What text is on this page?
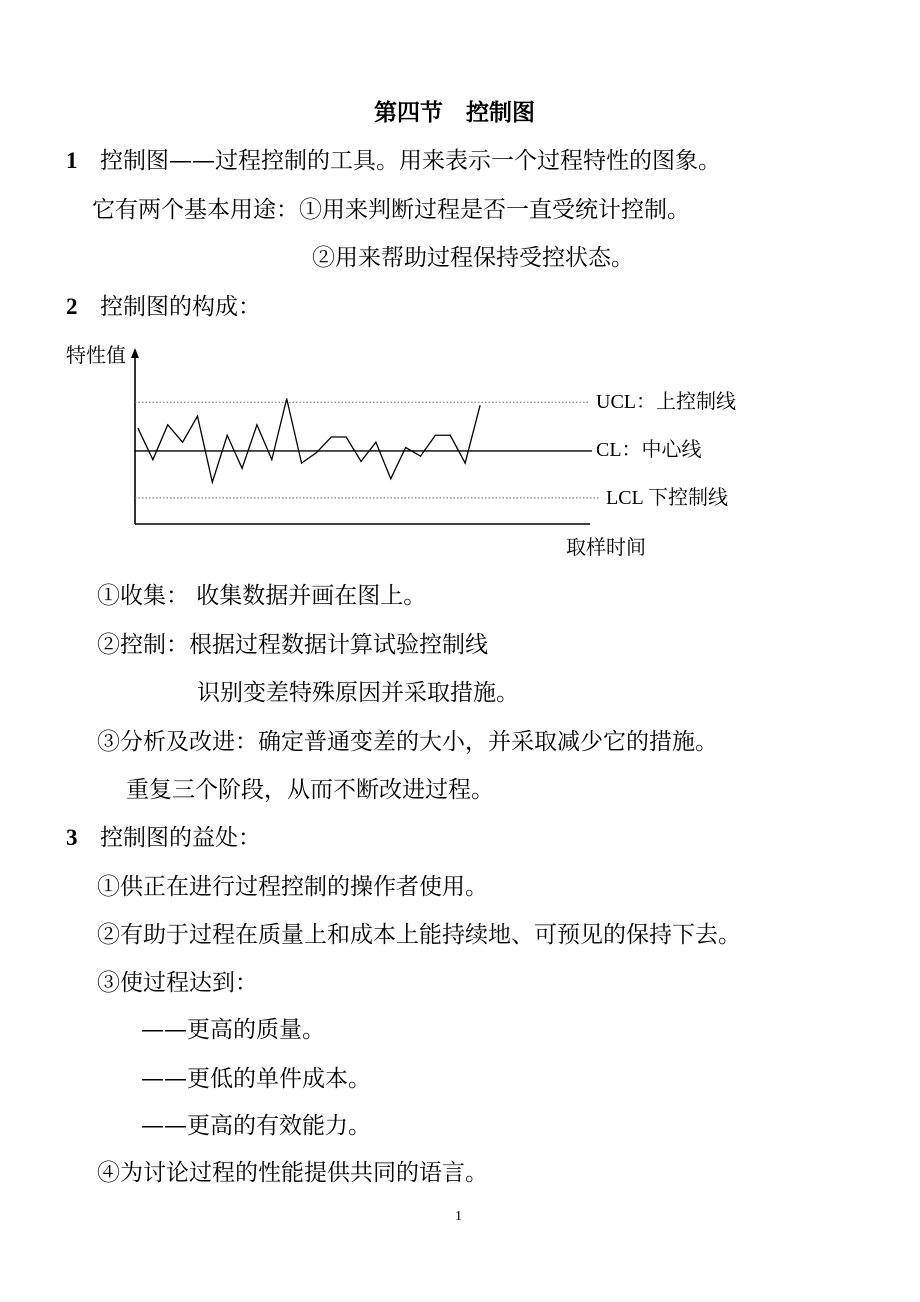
第四节　控制图
1 控制图——过程控制的工具。用来表示一个过程特性的图象。
它有两个基本用途：①用来判断过程是否一直受统计控制。
②用来帮助过程保持受控状态。
2 控制图的构成：
特性值
UCL：上控制线
CL：中心线
LCL 下控制线
取样时间
①收集： 收集数据并画在图上。
②控制：根据过程数据计算试验控制线
识别变差特殊原因并采取措施。
③分析及改进：确定普通变差的大小，并采取减少它的措施。
重复三个阶段，从而不断改进过程。
3 控制图的益处：
①供正在进行过程控制的操作者使用。
②有助于过程在质量上和成本上能持续地、可预见的保持下去。
③使过程达到：
——更高的质量。
——更低的单件成本。
——更高的有效能力。
④为讨论过程的性能提供共同的语言。
1
